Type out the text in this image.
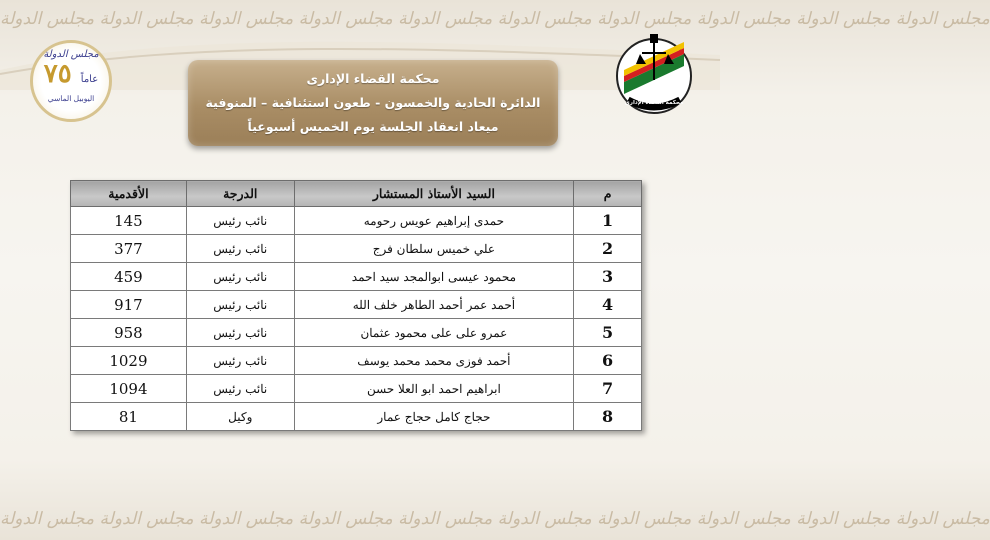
مجلس الدولة مجلس الدولة مجلس الدولة مجلس الدولة مجلس الدولة مجلس الدولة مجلس الدولة مجلس الدولة مجلس الدولة مجلس الدولة
مجلس الدولة
عاماً ٧٥
اليوبيل الماسي
محكمة القضاء الإدارى
الدائرة الحادية والخمسون - طعون استئنافية – المنوفية
ميعاد انعقاد الجلسة يوم الخميس أسبوعياً
محكمة القضاء الإدارى
م	السيد الأستاذ المستشار	الدرجة	الأقدمية
1	حمدى إبراهيم عويس رحومه	نائب رئيس	145
2	علي خميس سلطان فرج	نائب رئيس	377
3	محمود عيسى ابوالمجد سيد احمد	نائب رئيس	459
4	أحمد عمر أحمد الطاهر خلف الله	نائب رئيس	917
5	عمرو على على محمود عثمان	نائب رئيس	958
6	أحمد فوزى محمد محمد يوسف	نائب رئيس	1029
7	ابراهيم احمد ابو العلا حسن	نائب رئيس	1094
8	حجاج كامل حجاج عمار	وكيل	81
مجلس الدولة مجلس الدولة مجلس الدولة مجلس الدولة مجلس الدولة مجلس الدولة مجلس الدولة مجلس الدولة مجلس الدولة مجلس الدولة
